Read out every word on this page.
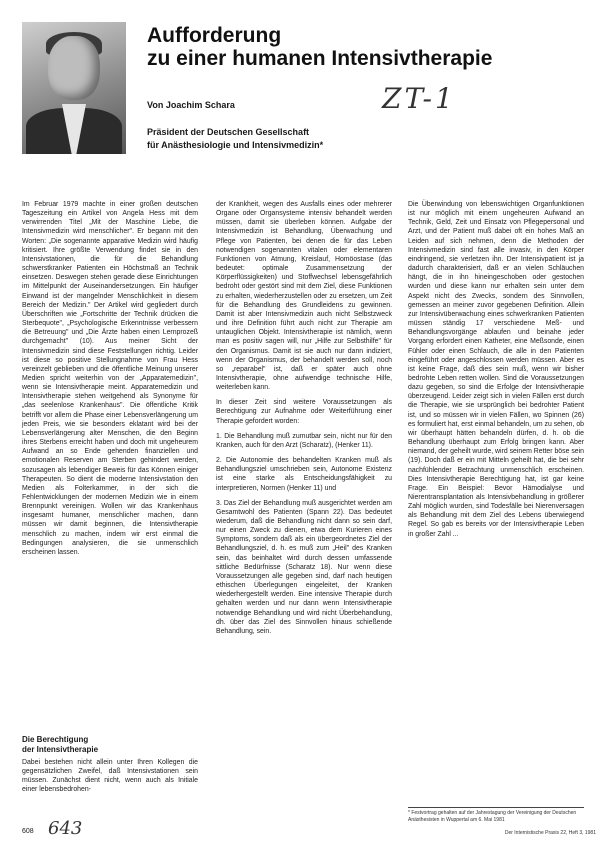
Aufforderung
zu einer humanen Intensivtherapie
Von Joachim Schara
Präsident der Deutschen Gesellschaft
für Anästhesiologie und Intensivmedizin*
ZT-1

Im Februar 1979 machte in einer großen deutschen Tageszeitung ein Artikel von Angela Hess mit dem verwirrenden Titel „Mit der Maschine Liebe, die Intensivmedizin wird menschlicher". Er begann mit den Worten: „Die sogenannte apparative Medizin wird häufig kritisiert. Ihre größte Verwendung findet sie in den Intensivstationen, die für die Behandlung schwerstkranker Patienten ein Höchstmaß an Technik einsetzen. Deswegen stehen gerade diese Einrichtungen im Mittelpunkt der Auseinandersetzungen. Ein häufiger Einwand ist der mangelnder Menschlichkeit in diesem Bereich der Medizin." Der Artikel wird gegliedert durch Überschriften wie „Fortschritte der Technik drücken die Sterbequote", „Psychologische Erkenntnisse verbessern die Betreuung" und „Die Ärzte haben einen Lernprozeß durchgemacht" (10). Aus meiner Sicht der Intensivmedizin sind diese Feststellungen richtig. Leider ist diese so positive Stellungnahme von Frau Hess vereinzelt geblieben und die öffentliche Meinung unserer Medien spricht weiterhin von der „Apparatemedizin", wenn sie Intensivtherapie meint. Apparatemedizin und Intensivtherapie stehen weitgehend als Synonyme für „das seelenlose Krankenhaus". Die öffentliche Kritik betrifft vor allem die Phase einer Lebensverlängerung um jeden Preis, wie sie besonders eklatant wird bei der Lebensverlängerung alter Menschen, die den Beginn ihres Sterbens erreicht haben und doch mit ungeheurem Aufwand an so Ende gehenden finanziellen und emotionalen Reserven am Sterben gehindert werden, sozusagen als lebendiger Beweis für das Können einiger Therapeuten. So dient die moderne Intensivstation den Medien als Folterkammer, in der sich die Fehlentwicklungen der modernen Medizin wie in einem Brennpunkt vereinigen. Wollen wir das Krankenhaus insgesamt humaner, menschlicher machen, dann müssen wir damit beginnen, die Intensivtherapie menschlich zu machen, indem wir erst einmal die Bedingungen analysieren, die sie unmenschlich erscheinen lassen.

Die Berechtigung
der Intensivtherapie

Dabei bestehen nicht allein unter Ihren Kollegen die gegensätzlichen Zweifel, daß Intensivstationen sein müssen. Zunächst dient nicht, wenn auch als Initiale einer lebensbedrohen-

der Krankheit, wegen des Ausfalls eines oder mehrerer Organe oder Organsysteme intensiv behandelt werden müssen, damit sie überleben können. Aufgabe der Intensivmedizin ist Behandlung, Überwachung und Pflege von Patienten, bei denen die für das Leben notwendigen sogenannten vitalen oder elementaren Funktionen von Atmung, Kreislauf, Homöostase (das bedeutet: optimale Zusammensetzung der Körperflüssigkeiten) und Stoffwechsel lebensgefährlich bedroht oder gestört sind mit dem Ziel, diese Funktionen zu erhalten, wiederherzustellen oder zu ersetzen, um Zeit für die Behandlung des Grundleidens zu gewinnen. Damit ist aber Intensivmedizin auch nicht Selbstzweck und ihre Definition führt auch nicht zur Therapie am untauglichen Objekt. Intensivtherapie ist nämlich, wenn man es positiv sagen will, nur „Hilfe zur Selbsthilfe" für den Organismus. Damit ist sie auch nur dann indiziert, wenn der Organismus, der behandelt werden soll, noch so „reparabel" ist, daß er später auch ohne Intensivtherapie, ohne aufwendige technische Hilfe, weiterleben kann.

In dieser Zeit sind weitere Voraussetzungen als Berechtigung zur Aufnahme oder Weiterführung einer Therapie gefordert worden:

1. Die Behandlung muß zumutbar sein, nicht nur für den Kranken, auch für den Arzt (Scharatz), (Henker 11).

2. Die Autonomie des behandelten Kranken muß als Behandlungsziel umschrieben sein, Autonome Existenz ist eine starke als Entscheidungsfähigkeit zu interpretieren, Normen (Henker 11) und

3. Das Ziel der Behandlung muß ausgerichtet werden am Gesamtwohl des Patienten (Spann 22). Das bedeutet wiederum, daß die Behandlung nicht dann so sein darf, nur einen Zweck zu dienen, etwa dem Kurieren eines Symptoms, sondern daß als ein übergeordnetes Ziel der Behandlungsziel, d. h. es muß zum „Heil" des Kranken sein, das beinhaltet wird durch dessen umfassende sittliche Bedürfnisse (Scharatz 18). Nur wenn diese Voraussetzungen alle gegeben sind, darf nach heutigen ethischen Überlegungen eingeleitet, der Kranken wiederhergestellt werden. Eine intensive Therapie durch gehalten werden und nur dann wenn Intensivtherapie notwendige Behandlung und wird nicht Überbehandlung, dh. über das Ziel des Sinnvollen hinaus schießende Behandlung, sein.

Die Überwindung von lebenswichtigen Organfunktionen ist nur möglich mit einem ungeheuren Aufwand an Technik, Geld, Zeit und Einsatz von Pflegepersonal und Arzt, und der Patient muß dabei oft ein hohes Maß an Leiden auf sich nehmen, denn die Methoden der Intensivmedizin sind fast alle invasiv, in den Körper eindringend, sie verletzen ihn. Der Intensivpatient ist ja dadurch charakterisiert, daß er an vielen Schläuchen hängt, die in ihn hineingeschoben oder gestochen wurden und diese kann nur erhalten sein unter dem Aspekt nicht des Zwecks, sondern des Sinnvollen, gemessen an meiner zuvor gegebenen Definition. Allein zur Intensivüberwachung eines schwerkranken Patienten müssen ständig 17 verschiedene Meß- und Behandlungsvorgänge ablaufen und beinahe jeder Vorgang erfordert einen Katheter, eine Meßsonde, einen Fühler oder einen Schlauch, die alle in den Patienten eingeführt oder angeschlossen werden müssen. Aber es ist keine Frage, daß dies sein muß, wenn wir bisher bedrohte Leben retten wollen. Sind die Voraussetzungen dazu gegeben, so sind die Erfolge der Intensivtherapie überzeugend. Leider zeigt sich in vielen Fällen erst durch die Therapie, wie sie ursprünglich bei bedrohter Patient ist, und so müssen wir in vielen Fällen, wo Spinnen (26) es formuliert hat, erst einmal behandeln, um zu sehen, ob wir überhaupt hätten behandeln dürfen, d. h. ob die Behandlung überhaupt zum Erfolg bringen kann. Aber niemand, der geheilt wurde, wird seinem Retter böse sein (19). Doch daß er ein mit Mitteln geheilt hat, die bei sehr nachfühlender Betrachtung unmenschlich erscheinen. Dies Intensivtherapie Berechtigung hat, ist gar keine Frage. Ein Beispiel: Bevor Hämodialyse und Nierentransplantation als Intensivbehandlung in größerer Zahl möglich wurden, sind Todesfälle bei Nierenversagen als Behandlung mit dem Ziel des Lebens überwiegend Regel. So gab es bereits vor der Intensivtherapie Leben in großer Zahl ...

* Festvortrag gehalten auf der Jahrestagung der Vereinigung der Deutschen Anästhesisten in Wuppertal am 6. Mai 1981
608 643	Der Internistische Praxis 22, Heft 3, 1981
